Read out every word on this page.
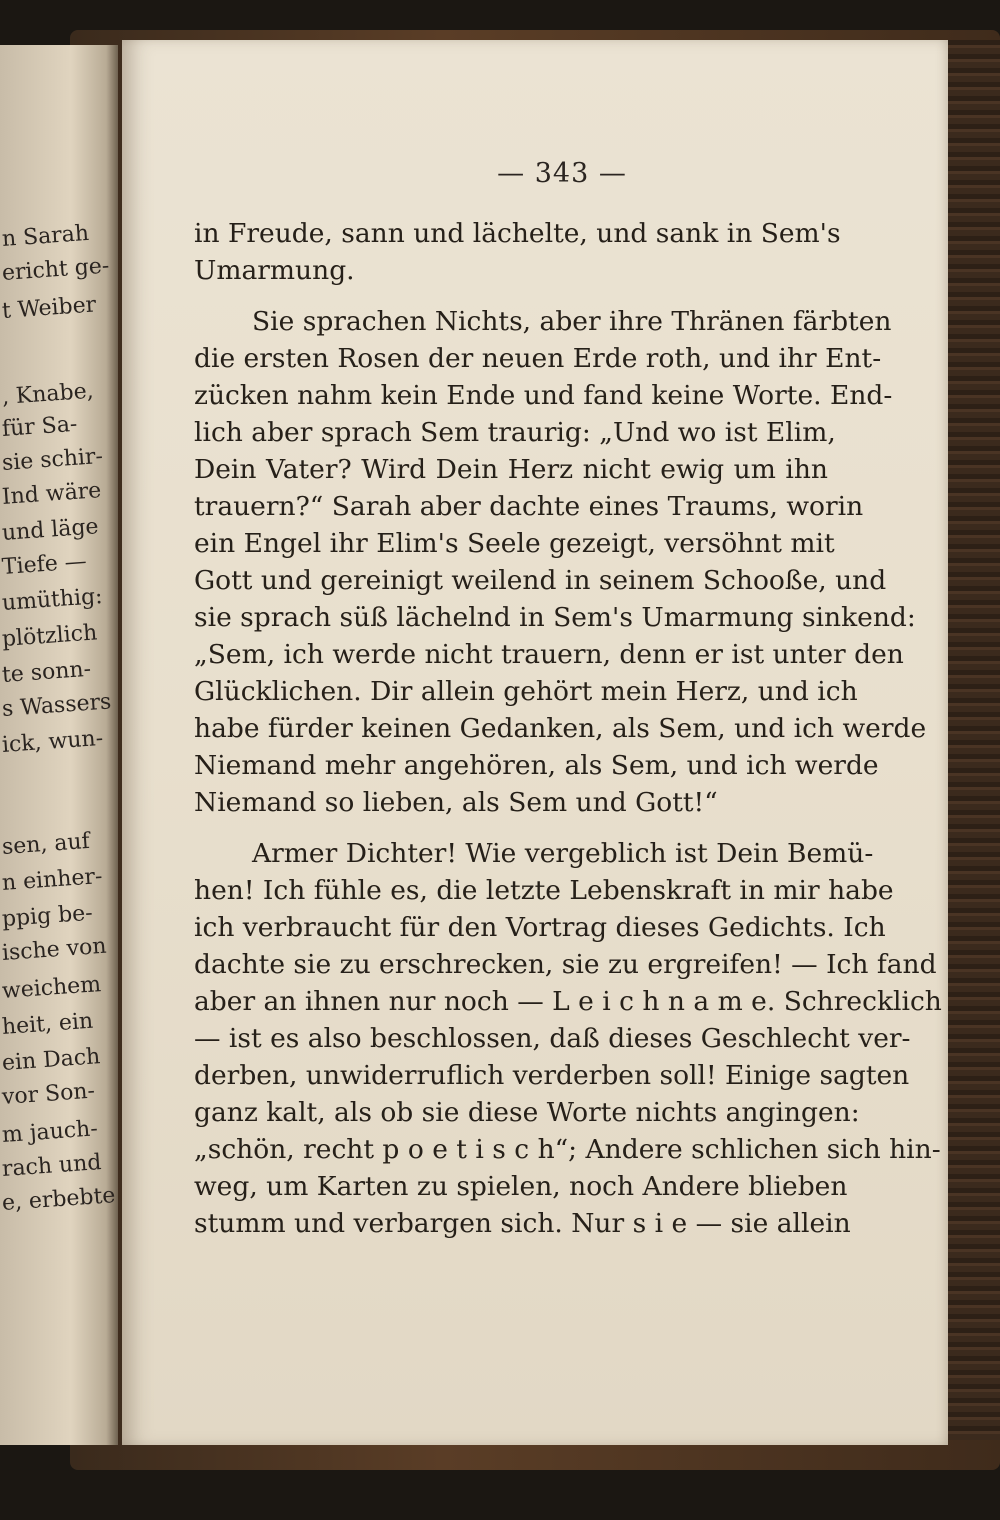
n Sarah
ericht ge-
t Weiber
, Knabe,
für Sa-
sie schir-
Ind wäre
und läge
Tiefe —
umüthig:
plötzlich
te sonn-
s Wassers
ick, wun-
sen, auf
n einher-
ppig be-
ische von
weichem
heit, ein
ein Dach
vor Son-
m jauch-
rach und
e, erbebte
— 343 —
in Freude, sann und lächelte, und sank in Sem's
Umarmung.
Sie sprachen Nichts, aber ihre Thränen färbten
die ersten Rosen der neuen Erde roth, und ihr Ent-
zücken nahm kein Ende und fand keine Worte. End-
lich aber sprach Sem traurig: „Und wo ist Elim,
Dein Vater? Wird Dein Herz nicht ewig um ihn
trauern?“ Sarah aber dachte eines Traums, worin
ein Engel ihr Elim's Seele gezeigt, versöhnt mit
Gott und gereinigt weilend in seinem Schooße, und
sie sprach süß lächelnd in Sem's Umarmung sinkend:
„Sem, ich werde nicht trauern, denn er ist unter den
Glücklichen. Dir allein gehört mein Herz, und ich
habe fürder keinen Gedanken, als Sem, und ich werde
Niemand mehr angehören, als Sem, und ich werde
Niemand so lieben, als Sem und Gott!“
Armer Dichter! Wie vergeblich ist Dein Bemü-
hen! Ich fühle es, die letzte Lebenskraft in mir habe
ich verbraucht für den Vortrag dieses Gedichts. Ich
dachte sie zu erschrecken, sie zu ergreifen! — Ich fand
aber an ihnen nur noch — L e i c h n a m e. Schrecklich
— ist es also beschlossen, daß dieses Geschlecht ver-
derben, unwiderruflich verderben soll! Einige sagten
ganz kalt, als ob sie diese Worte nichts angingen:
„schön, recht p o e t i s c h“; Andere schlichen sich hin-
weg, um Karten zu spielen, noch Andere blieben
stumm und verbargen sich. Nur s i e — sie allein
